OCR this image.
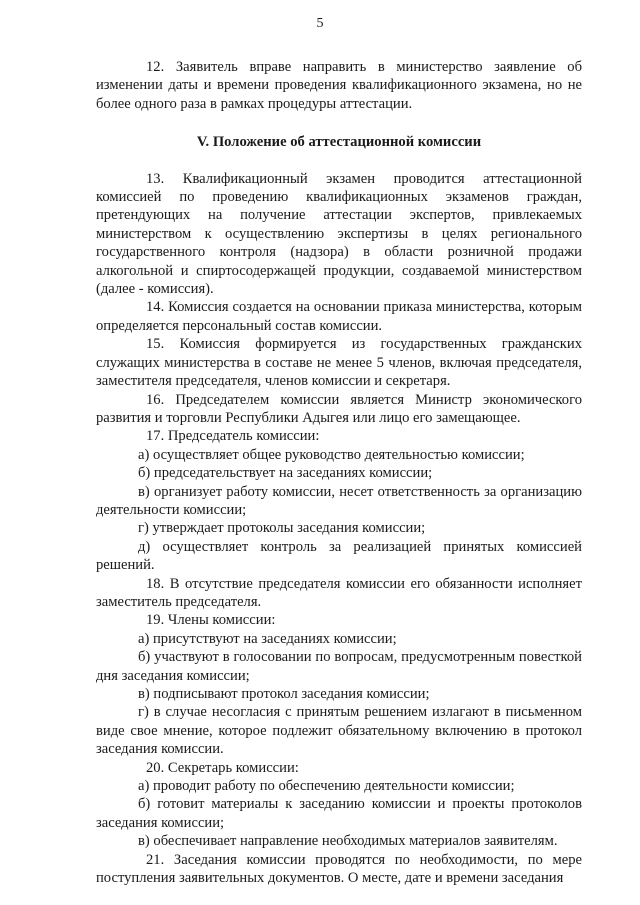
5

12. Заявитель вправе направить в министерство заявление об изменении даты и времени проведения квалификационного экзамена, но не более одного раза в рамках процедуры аттестации.

V. Положение об аттестационной комиссии

13. Квалификационный экзамен проводится аттестационной комиссией по проведению квалификационных экзаменов граждан, претендующих на получение аттестации экспертов, привлекаемых министерством к осуществлению экспертизы в целях регионального государственного контроля (надзора) в области розничной продажи алкогольной и спиртосодержащей продукции, создаваемой министерством (далее - комиссия).

14. Комиссия создается на основании приказа министерства, которым определяется персональный состав комиссии.

15. Комиссия формируется из государственных гражданских служащих министерства в составе не менее 5 членов, включая председателя, заместителя председателя, членов комиссии и секретаря.

16. Председателем комиссии является Министр экономического развития и торговли Республики Адыгея или лицо его замещающее.

17. Председатель комиссии:

а) осуществляет общее руководство деятельностью комиссии;

б) председательствует на заседаниях комиссии;

в) организует работу комиссии, несет ответственность за организацию деятельности комиссии;

г) утверждает протоколы заседания комиссии;

д) осуществляет контроль за реализацией принятых комиссией решений.

18. В отсутствие председателя комиссии его обязанности исполняет заместитель председателя.

19. Члены комиссии:

а) присутствуют на заседаниях комиссии;

б) участвуют в голосовании по вопросам, предусмотренным повесткой дня заседания комиссии;

в) подписывают протокол заседания комиссии;

г) в случае несогласия с принятым решением излагают в письменном виде свое мнение, которое подлежит обязательному включению в протокол заседания комиссии.

20. Секретарь комиссии:

а) проводит работу по обеспечению деятельности комиссии;

б) готовит материалы к заседанию комиссии и проекты протоколов заседания комиссии;

в) обеспечивает направление необходимых материалов заявителям.

21. Заседания комиссии проводятся по необходимости, по мере поступления заявительных документов. О месте, дате и времени заседания
